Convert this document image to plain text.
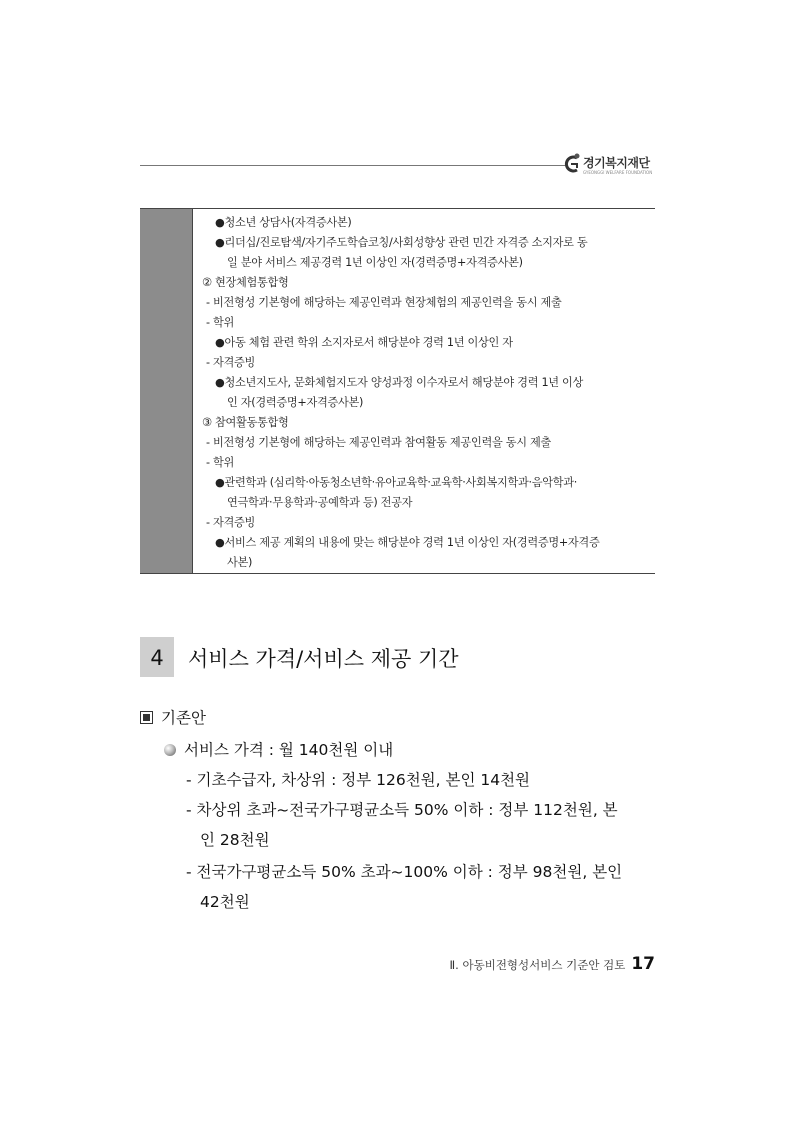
경기복지재단
GYEONGGI WELFARE FOUNDATION
●청소년 상담사(자격증사본)
●리더십/진로탐색/자기주도학습코칭/사회성향상 관련 민간 자격증 소지자로 동
일 분야 서비스 제공경력 1년 이상인 자(경력증명+자격증사본)
② 현장체험통합형
- 비전형성 기본형에 해당하는 제공인력과 현장체험의 제공인력을 동시 제출
- 학위
●아동 체험 관련 학위 소지자로서 해당분야 경력 1년 이상인 자
- 자격증빙
●청소년지도사, 문화체험지도자 양성과정 이수자로서 해당분야 경력 1년 이상
인 자(경력증명+자격증사본)
③ 참여활동통합형
- 비전형성 기본형에 해당하는 제공인력과 참여활동 제공인력을 동시 제출
- 학위
●관련학과 (심리학·아동청소년학·유아교육학·교육학·사회복지학과·음악학과·
연극학과·무용학과·공예학과 등) 전공자
- 자격증빙
●서비스 제공 계획의 내용에 맞는 해당분야 경력 1년 이상인 자(경력증명+자격증
사본)
4	서비스 가격/서비스 제공 기간
기존안
서비스 가격 : 월 140천원 이내
- 기초수급자, 차상위 : 정부 126천원, 본인 14천원
- 차상위 초과~전국가구평균소득 50% 이하 : 정부 112천원, 본
인 28천원
- 전국가구평균소득 50% 초과~100% 이하 : 정부 98천원, 본인
42천원
Ⅱ. 아동비전형성서비스 기준안 검토 17
